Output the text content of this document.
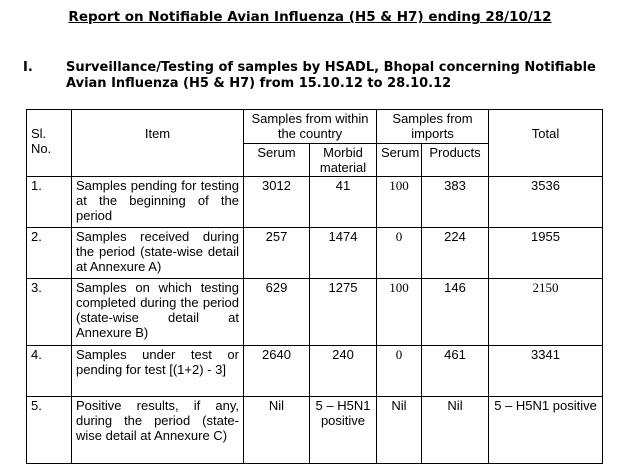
Report on Notifiable Avian Influenza (H5 & H7) ending 28/10/12
I.	Surveillance/Testing of samples by HSADL, Bhopal concerning Notifiable Avian Influenza (H5 & H7) from 15.10.12 to 28.10.12
Sl. No.	Item	Samples from within the country		Samples from imports		Total
		Serum	Morbid material	Serum	Products	
1.	Samples pending for testing at the beginning of the period	3012	41	100	383	3536
2.	Samples received during the period (state-wise detail at Annexure A)	257	1474	0	224	1955
3.	Samples on which testing completed during the period (state-wise detail at Annexure B)	629	1275	100	146	2150
4.	Samples under test or pending for test [(1+2) - 3]	2640	240	0	461	3341
5.	Positive results, if any, during the period (state-wise detail at Annexure C)	Nil	5 – H5N1 positive	Nil	Nil	5 – H5N1 positive
